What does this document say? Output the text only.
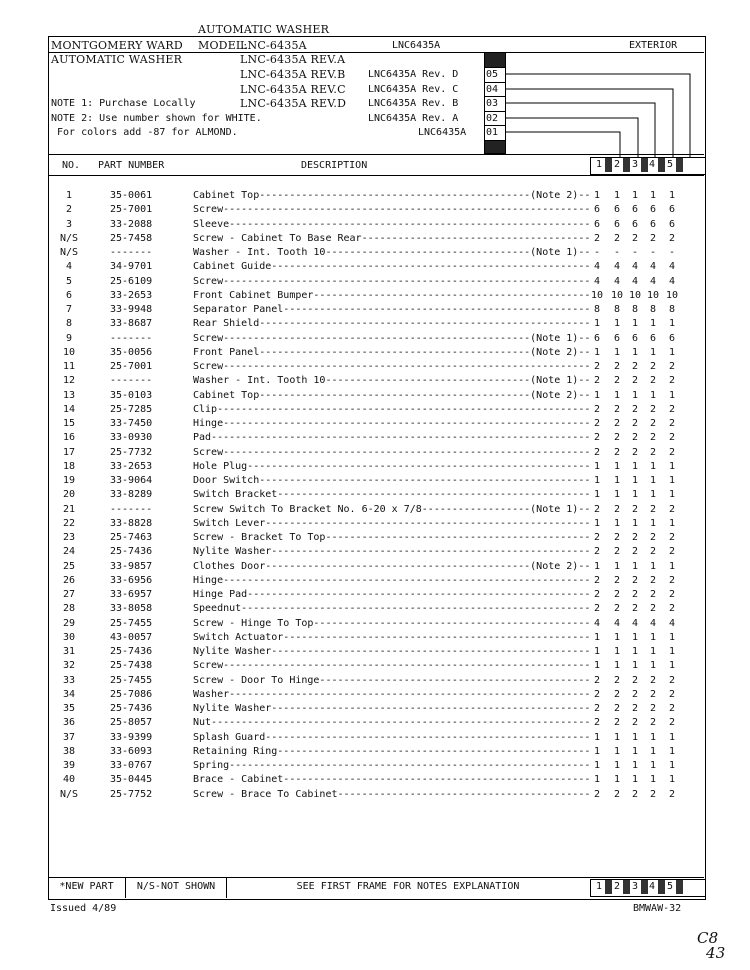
AUTOMATIC WASHER
MONTGOMERY WARD MODEL:
LNC-6435A	LNC6435A	EXTERIOR
AUTOMATIC WASHER	LNC-6435A REV.A
LNC-6435A REV.B
LNC-6435A REV.C
LNC-6435A REV.D
LNC6435A Rev. D
LNC6435A Rev. C
LNC6435A Rev. B
LNC6435A Rev. A
LNC6435A
NOTE 1: Purchase Locally
NOTE 2: Use number shown for WHITE.
For colors add -87 for ALMOND.
05
04
03
02
01
NO. PART NUMBER	DESCRIPTION	1 2 3 4 5
1	35-0061	Cabinet Top---------------------------------------------(Note 2)-- 1	1	1	1	1
2	25-7001	Screw------------------------------------------------------------- 6	6	6	6	6
3	33-2088	Sleeve------------------------------------------------------------ 6	6	6	6	6
N/S	25-7458	Screw - Cabinet To Base Rear-------------------------------------- 2	2	2	2	2
N/S	-------	Washer - Int. Tooth 10----------------------------------(Note 1)-- -	-	-	-	-
4	34-9701	Cabinet Guide----------------------------------------------------- 4	4	4	4	4
5	25-6109	Screw------------------------------------------------------------- 4	4	4	4	4
6	33-2653	Front Cabinet Bumper---------------------------------------------- 10 10 10 10 10
7	33-9948	Separator Panel--------------------------------------------------- 8	8	8	8	8
8	33-8687	Rear Shield------------------------------------------------------- 1	1	1	1	1
9	-------	Screw---------------------------------------------------(Note 1)-- 6	6	6	6	6
10	35-0056	Front Panel---------------------------------------------(Note 2)-- 1	1	1	1	1
11	25-7001	Screw------------------------------------------------------------- 2	2	2	2	2
12	-------	Washer - Int. Tooth 10----------------------------------(Note 1)-- 2	2	2	2	2
13	35-0103	Cabinet Top---------------------------------------------(Note 2)-- 1	1	1	1	1
14	25-7285	Clip-------------------------------------------------------------- 2	2	2	2	2
15	33-7450	Hinge------------------------------------------------------------- 2	2	2	2	2
16	33-0930	Pad--------------------------------------------------------------- 2	2	2	2	2
17	25-7732	Screw------------------------------------------------------------- 2	2	2	2	2
18	33-2653	Hole Plug--------------------------------------------------------- 1	1	1	1	1
19	33-9064	Door Switch------------------------------------------------------- 1	1	1	1	1
20	33-8289	Switch Bracket---------------------------------------------------- 1	1	1	1	1
21	-------	Screw Switch To Bracket No. 6-20 x 7/8------------------(Note 1)-- 2	2	2	2	2
22	33-8828	Switch Lever------------------------------------------------------ 1	1	1	1	1
23	25-7463	Screw - Bracket To Top-------------------------------------------- 2	2	2	2	2
24	25-7436	Nylite Washer----------------------------------------------------- 2	2	2	2	2
25	33-9857	Clothes Door--------------------------------------------(Note 2)-- 1	1	1	1	1
26	33-6956	Hinge------------------------------------------------------------- 2	2	2	2	2
27	33-6957	Hinge Pad--------------------------------------------------------- 2	2	2	2	2
28	33-8058	Speednut---------------------------------------------------------- 2	2	2	2	2
29	25-7455	Screw - Hinge To Top---------------------------------------------- 4	4	4	4	4
30	43-0057	Switch Actuator--------------------------------------------------- 1	1	1	1	1
31	25-7436	Nylite Washer----------------------------------------------------- 1	1	1	1	1
32	25-7438	Screw------------------------------------------------------------- 1	1	1	1	1
33	25-7455	Screw - Door To Hinge--------------------------------------------- 2	2	2	2	2
34	25-7086	Washer------------------------------------------------------------ 2	2	2	2	2
35	25-7436	Nylite Washer----------------------------------------------------- 2	2	2	2	2
36	25-8057	Nut--------------------------------------------------------------- 2	2	2	2	2
37	33-9399	Splash Guard------------------------------------------------------ 1	1	1	1	1
38	33-6093	Retaining Ring---------------------------------------------------- 1	1	1	1	1
39	33-0767	Spring------------------------------------------------------------ 1	1	1	1	1
40	35-0445	Brace - Cabinet--------------------------------------------------- 1	1	1	1	1
N/S	25-7752	Screw - Brace To Cabinet------------------------------------------ 2	2	2	2	2
*NEW PART	N/S-NOT SHOWN	SEE FIRST FRAME FOR NOTES EXPLANATION	1 2 3 4 5
Issued 4/89	BMWAW-32
C8
43
